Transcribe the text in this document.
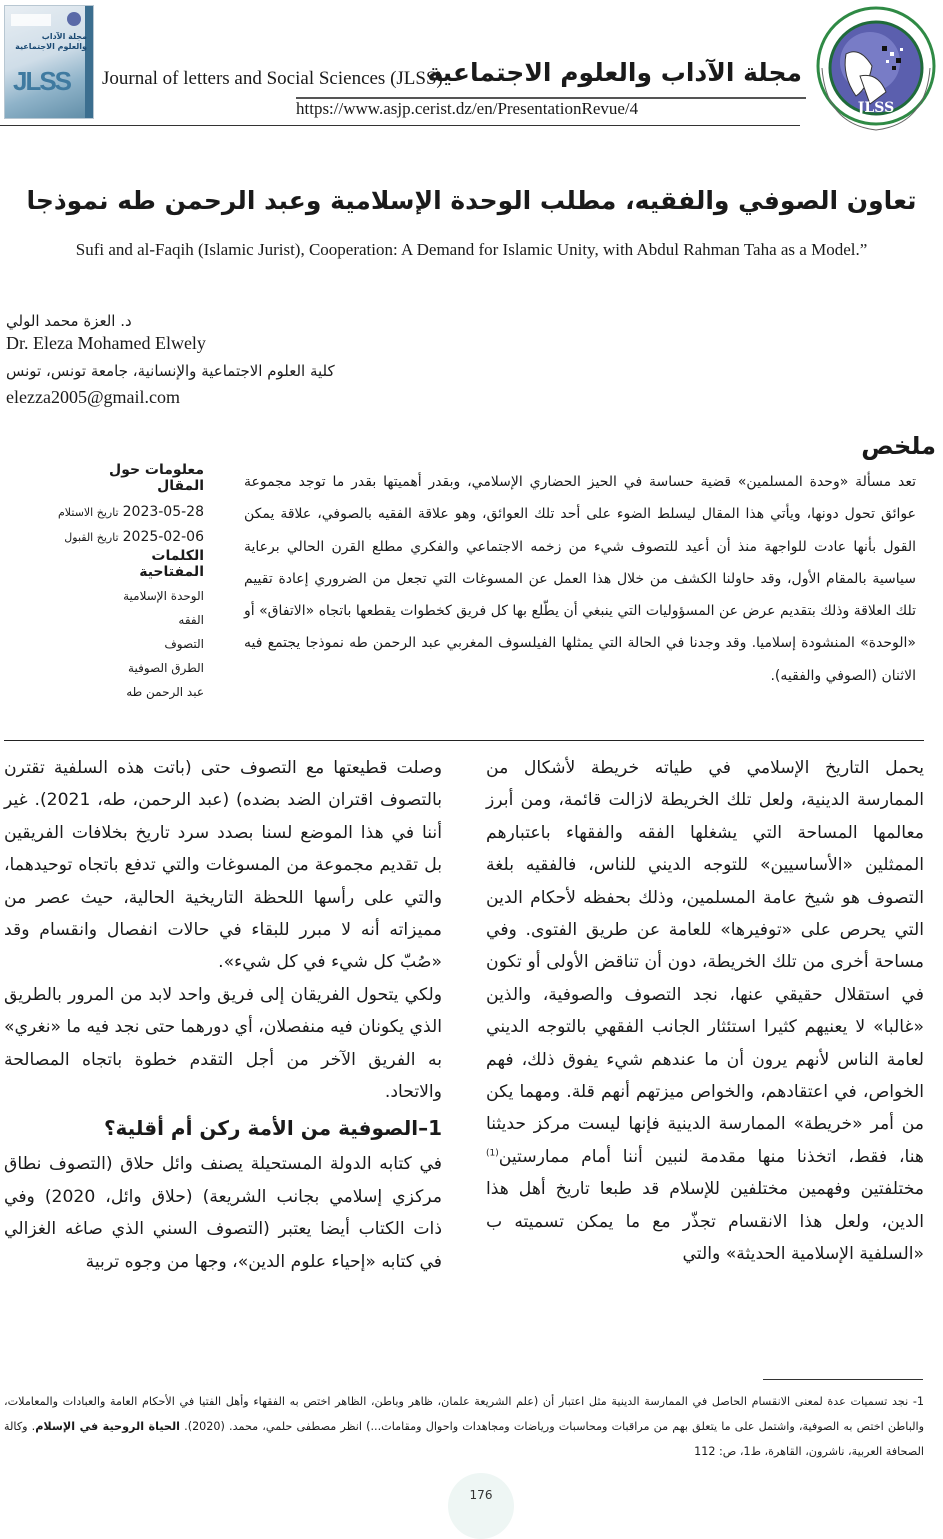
مجلة الآداب والعلوم الاجتماعية
JLSS Journal of letters and Social Sciences (JLSS)
مجلة الآداب والعلوم الاجتماعية
https://www.asjp.cerist.dz/en/PresentationRevue/4	JLSS
تعاون الصوفي والفقيه، مطلب الوحدة الإسلامية وعبد الرحمن طه نموذجا
Sufi and al-Faqih (Islamic Jurist), Cooperation: A Demand for Islamic Unity, with Abdul Rahman Taha as a Model.”
د. العزة محمد الولي
Dr. Eleza Mohamed Elwely
كلية العلوم الاجتماعية والإنسانية، جامعة تونس، تونس
elezza2005@gmail.com
معلومات حول المقال
تاريخ الاستلام 2023-05-28
تاريخ القبول 2025-02-06
الكلمات المفتاحية
الوحدة الإسلامية
الفقه
التصوف
الطرق الصوفية
عبد الرحمن طه
ملخص

تعد مسألة «وحدة المسلمين» قضية حساسة في الحيز الحضاري الإسلامي، وبقدر أهميتها بقدر ما توجد مجموعة عوائق تحول دونها، ويأتي هذا المقال ليسلط الضوء على أحد تلك العوائق، وهو علاقة الفقيه بالصوفي، علاقة يمكن القول بأنها عادت للواجهة منذ أن أعيد للتصوف شيء من زخمه الاجتماعي والفكري مطلع القرن الحالي برعاية سياسية بالمقام الأول، وقد حاولنا الكشف من خلال هذا العمل عن المسوغات التي تجعل من الضروري إعادة تقييم تلك العلاقة وذلك بتقديم عرض عن المسؤوليات التي ينبغي أن يطّلع بها كل فريق كخطوات يقطعها باتجاه «الاتفاق» أو «الوحدة» المنشودة إسلاميا. وقد وجدنا في الحالة التي يمثلها الفيلسوف المغربي عبد الرحمن طه نموذجا يجتمع فيه الاثنان (الصوفي والفقيه).

يحمل التاريخ الإسلامي في طياته خريطة لأشكال من الممارسة الدينية، ولعل تلك الخريطة لازالت قائمة، ومن أبرز معالمها المساحة التي يشغلها الفقه والفقهاء باعتبارهم الممثلين «الأساسيين» للتوجه الديني للناس، فالفقيه بلغة التصوف هو شيخ عامة المسلمين، وذلك بحفظه لأحكام الدين التي يحرص على «توفيرها» للعامة عن طريق الفتوى. وفي مساحة أخرى من تلك الخريطة، دون أن تناقض الأولى أو تكون في استقلال حقيقي عنها، نجد التصوف والصوفية، والذين «غالبا» لا يعنيهم كثيرا استئثار الجانب الفقهي بالتوجه الديني لعامة الناس لأنهم يرون أن ما عندهم شيء يفوق ذلك، فهم الخواص، في اعتقادهم، والخواص ميزتهم أنهم قلة. ومهما يكن من أمر «خريطة» الممارسة الدينية فإنها ليست مركز حديثنا هنا، فقط، اتخذنا منها مقدمة لنبين أننا أمام ممارستين$^{(1)}$ مختلفتين وفهمين مختلفين للإسلام قد طبعا تاريخ أهل هذا الدين، ولعل هذا الانقسام تجذّر مع ما يمكن تسميته ب «السلفية الإسلامية الحديثة» والتي

وصلت قطيعتها مع التصوف حتى (باتت هذه السلفية تقترن بالتصوف اقتران الضد بضده) (عبد الرحمن، طه، 2021). غير أننا في هذا الموضع لسنا بصدد سرد تاريخ بخلافات الفريقين بل تقديم مجموعة من المسوغات والتي تدفع باتجاه توحيدهما، والتي على رأسها اللحظة التاريخية الحالية، حيث عصر من مميزاته أنه لا مبرر للبقاء في حالات انفصال وانقسام وقد «صُبّ كل شيء في كل شيء».

ولكي يتحول الفريقان إلى فريق واحد لابد من المرور بالطريق الذي يكونان فيه منفصلان، أي دورهما حتى نجد فيه ما «نغري» به الفريق الآخر من أجل التقدم خطوة باتجاه المصالحة والاتحاد.

1–الصوفية من الأمة ركن أم أقلية؟

في كتابه الدولة المستحيلة يصنف وائل حلاق (التصوف نطاق مركزي إسلامي بجانب الشريعة) (حلاق وائل، 2020) وفي ذات الكتاب أيضا يعتبر (التصوف السني الذي صاغه الغزالي في كتابه «إحياء علوم الدين»، وجها من وجوه تربية

1- نجد تسميات عدة لمعنى الانقسام الحاصل في الممارسة الدينية مثل اعتبار أن (علم الشريعة علمان، ظاهر وباطن، الظاهر اختص به الفقهاء وأهل الفتيا في الأحكام العامة والعبادات والمعاملات، والباطن اختص به الصوفية، واشتمل على ما يتعلق بهم من مراقبات ومحاسبات ورياضات ومجاهدات واحوال ومقامات...) انظر مصطفى حلمي، محمد. (2020). الحياة الروحية في الإسلام. وكالة الصحافة العربية، ناشرون، القاهرة، ط1، ص: 112
176
